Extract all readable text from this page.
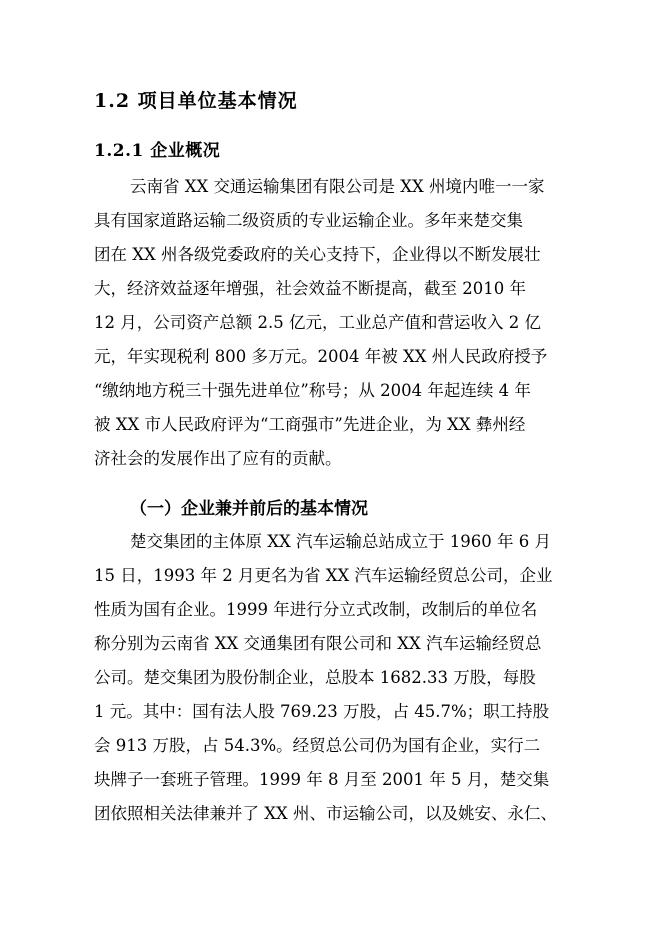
1.2 项目单位基本情况
1.2.1 企业概况
云南省 XX 交通运输集团有限公司是 XX 州境内唯一一家
具有国家道路运输二级资质的专业运输企业。多年来楚交集
团在 XX 州各级党委政府的关心支持下，企业得以不断发展壮
大，经济效益逐年增强，社会效益不断提高，截至 2010 年
12 月，公司资产总额 2.5 亿元，工业总产值和营运收入 2 亿
元，年实现税利 800 多万元。2004 年被 XX 州人民政府授予
“缴纳地方税三十强先进单位”称号；从 2004 年起连续 4 年
被 XX 市人民政府评为“工商强市”先进企业，为 XX 彝州经
济社会的发展作出了应有的贡献。
（一）企业兼并前后的基本情况
楚交集团的主体原 XX 汽车运输总站成立于 1960 年 6 月
15 日，1993 年 2 月更名为省 XX 汽车运输经贸总公司，企业
性质为国有企业。1999 年进行分立式改制，改制后的单位名
称分别为云南省 XX 交通集团有限公司和 XX 汽车运输经贸总
公司。楚交集团为股份制企业，总股本 1682.33 万股，每股
1 元。其中：国有法人股 769.23 万股，占 45.7%；职工持股
会 913 万股，占 54.3%。经贸总公司仍为国有企业，实行二
块牌子一套班子管理。1999 年 8 月至 2001 年 5 月，楚交集
团依照相关法律兼并了 XX 州、市运输公司，以及姚安、永仁、
